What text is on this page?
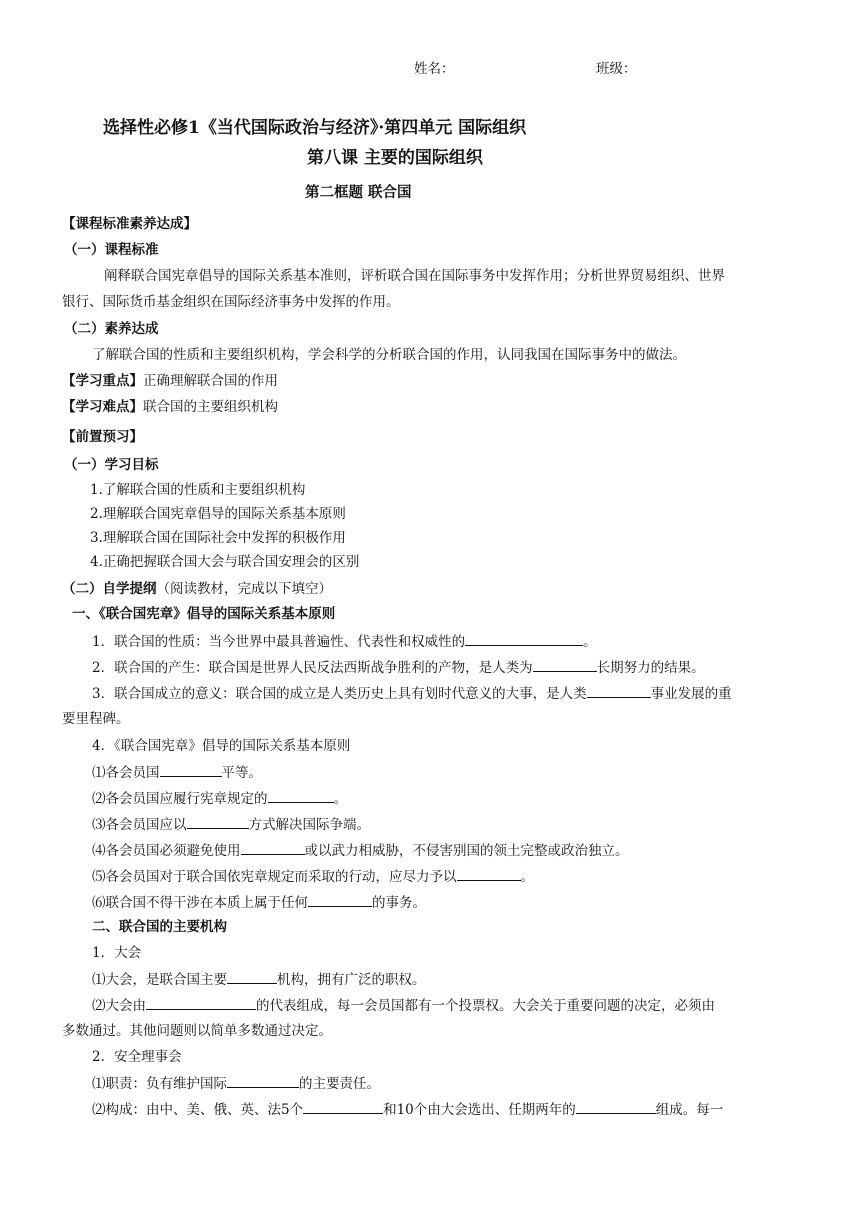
姓名：	班级：
选择性必修1《当代国际政治与经济》·第四单元 国际组织
第八课 主要的国际组织
第二框题 联合国
【课程标准素养达成】
（一）课程标准
阐释联合国宪章倡导的国际关系基本准则，评析联合国在国际事务中发挥作用；分析世界贸易组织、世界
银行、国际货币基金组织在国际经济事务中发挥的作用。
（二）素养达成
了解联合国的性质和主要组织机构，学会科学的分析联合国的作用，认同我国在国际事务中的做法。
【学习重点】正确理解联合国的作用
【学习难点】联合国的主要组织机构
【前置预习】
（一）学习目标
1.了解联合国的性质和主要组织机构
2.理解联合国宪章倡导的国际关系基本原则
3.理解联合国在国际社会中发挥的积极作用
4.正确把握联合国大会与联合国安理会的区别
（二）自学提纲（阅读教材，完成以下填空）
一、《联合国宪章》倡导的国际关系基本原则
1．联合国的性质：当今世界中最具普遍性、代表性和权威性的	。
2．联合国的产生：联合国是世界人民反法西斯战争胜利的产物，是人类为	长期努力的结果。
3．联合国成立的意义：联合国的成立是人类历史上具有划时代意义的大事，是人类	事业发展的重
要里程碑。
4．《联合国宪章》倡导的国际关系基本原则
⑴各会员国	平等。
⑵各会员国应履行宪章规定的	。
⑶各会员国应以	方式解决国际争端。
⑷各会员国必须避免使用	或以武力相威胁，不侵害别国的领土完整或政治独立。
⑸各会员国对于联合国依宪章规定而采取的行动，应尽力予以	。
⑹联合国不得干涉在本质上属于任何	的事务。
二、联合国的主要机构
1．大会
⑴大会，是联合国主要	机构，拥有广泛的职权。
⑵大会由	的代表组成，每一会员国都有一个投票权。大会关于重要问题的决定，必须由
多数通过。其他问题则以简单多数通过决定。
2．安全理事会
⑴职责：负有维护国际	的主要责任。
⑵构成：由中、美、俄、英、法5个	和10个由大会选出、任期两年的	组成。每一
